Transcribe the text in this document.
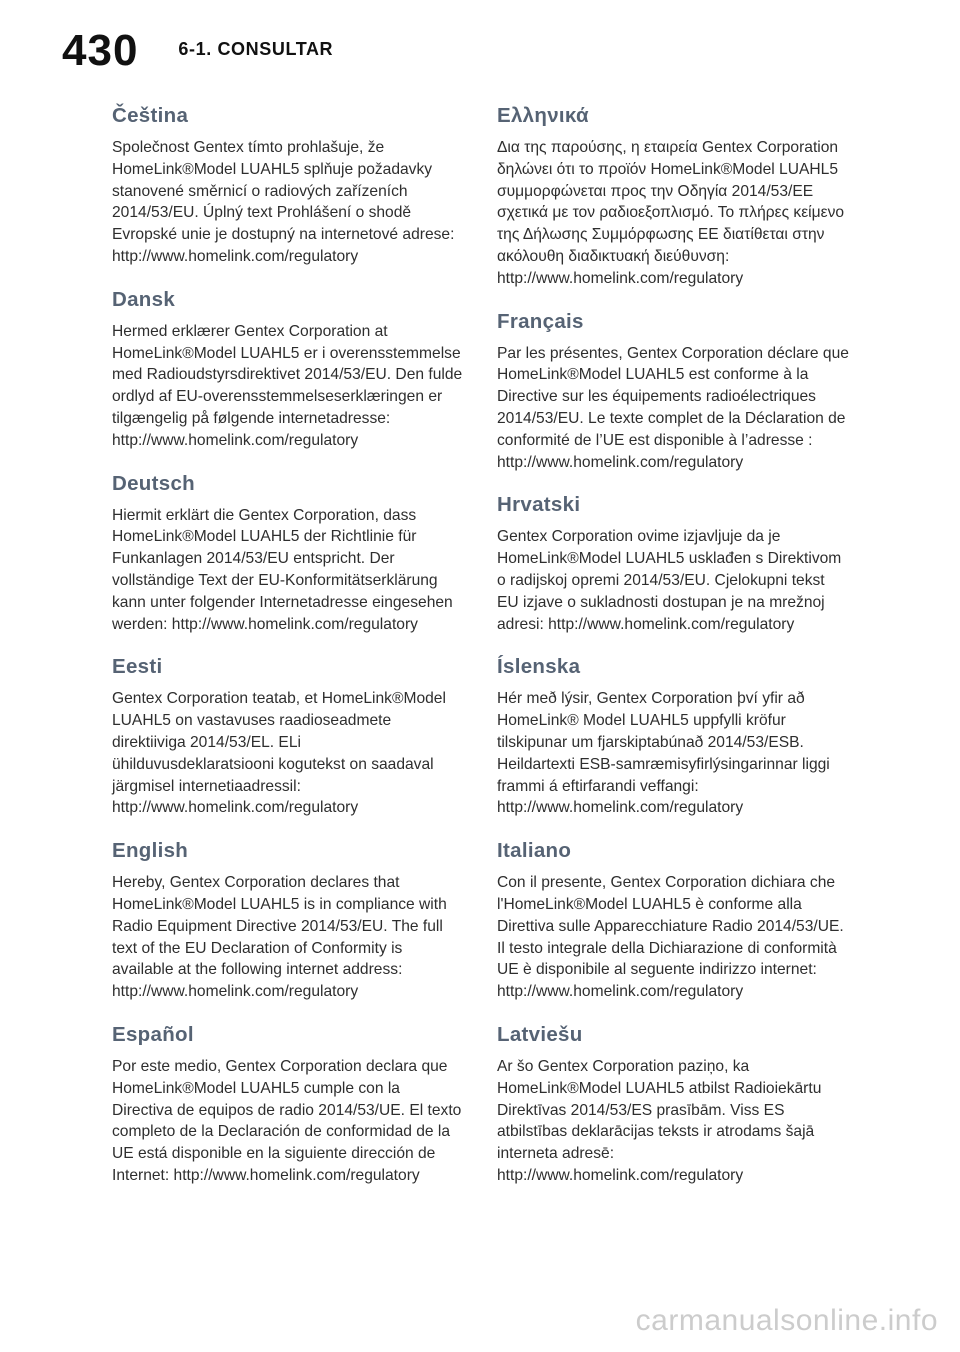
430 6-1. CONSULTAR
Čeština

Společnost Gentex tímto prohlašuje, že HomeLink®Model LUAHL5 splňuje požadavky stanovené směrnicí o radiových zařízeních 2014/53/EU. Úplný text Prohlášení o shodě Evropské unie je dostupný na internetové adrese: http://www.homelink.com/regulatory

Dansk

Hermed erklærer Gentex Corporation at HomeLink®Model LUAHL5 er i overensstemmelse med Radioudstyrsdirektivet 2014/53/EU. Den fulde ordlyd af EU-overensstemmelseserklæringen er tilgængelig på følgende internetadresse: http://www.homelink.com/regulatory

Deutsch

Hiermit erklärt die Gentex Corporation, dass HomeLink®Model LUAHL5 der Richtlinie für Funkanlagen 2014/53/EU entspricht. Der vollständige Text der EU-Konformitätserklärung kann unter folgender Internetadresse eingesehen werden: http://www.homelink.com/regulatory

Eesti

Gentex Corporation teatab, et HomeLink®Model LUAHL5 on vastavuses raadioseadmete direktiiviga 2014/53/EL. ELi ühilduvusdeklaratsiooni kogutekst on saadaval järgmisel internetiaadressil: http://www.homelink.com/regulatory

English

Hereby, Gentex Corporation declares that HomeLink®Model LUAHL5 is in compliance with Radio Equipment Directive 2014/53/EU. The full text of the EU Declaration of Conformity is available at the following internet address: http://www.homelink.com/regulatory

Español

Por este medio, Gentex Corporation declara que HomeLink®Model LUAHL5 cumple con la Directiva de equipos de radio 2014/53/UE. El texto completo de la Declaración de conformidad de la UE está disponible en la siguiente dirección de Internet: http://www.homelink.com/regulatory

Ελληνικά

Δια της παρούσης, η εταιρεία Gentex Corporation δηλώνει ότι το προϊόν HomeLink®Model LUAHL5 συμμορφώνεται προς την Οδηγία 2014/53/ΕΕ σχετικά με τον ραδιοεξοπλισμό. Το πλήρες κείμενο της Δήλωσης Συμμόρφωσης ΕΕ διατίθεται στην ακόλουθη διαδικτυακή διεύθυνση: http://www.homelink.com/regulatory

Français

Par les présentes, Gentex Corporation déclare que HomeLink®Model LUAHL5 est conforme à la Directive sur les équipements radioélectriques 2014/53/EU. Le texte complet de la Déclaration de conformité de l’UE est disponible à l’adresse : http://www.homelink.com/regulatory

Hrvatski

Gentex Corporation ovime izjavljuje da je HomeLink®Model LUAHL5 usklađen s Direktivom o radijskoj opremi 2014/53/EU. Cjelokupni tekst EU izjave o sukladnosti dostupan je na mrežnoj adresi: http://www.homelink.com/regulatory

Íslenska

Hér með lýsir, Gentex Corporation því yfir að HomeLink® Model LUAHL5 uppfylli kröfur tilskipunar um fjarskiptabúnað 2014/53/ESB. Heildartexti ESB-samræmisyfirlýsingarinnar liggi frammi á eftirfarandi veffangi: http://www.homelink.com/regulatory

Italiano

Con il presente, Gentex Corporation dichiara che l'HomeLink®Model LUAHL5 è conforme alla Direttiva sulle Apparecchiature Radio 2014/53/UE. Il testo integrale della Dichiarazione di conformità UE è disponibile al seguente indirizzo internet: http://www.homelink.com/regulatory

Latviešu

Ar šo Gentex Corporation paziņo, ka HomeLink®Model LUAHL5 atbilst Radioiekārtu Direktīvas 2014/53/ES prasībām. Viss ES atbilstības deklarācijas teksts ir atrodams šajā interneta adresē: http://www.homelink.com/regulatory

carmanualsonline.info
